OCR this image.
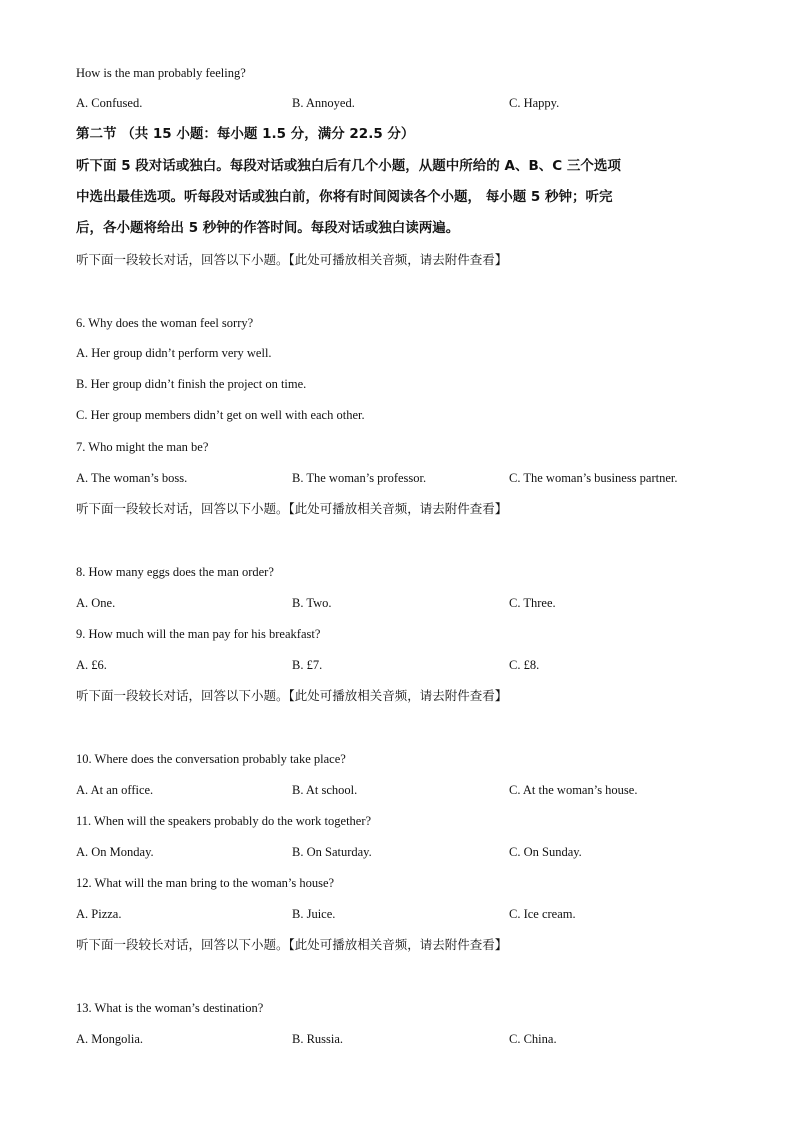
How is the man probably feeling?
A. Confused.	B. Annoyed.	C. Happy.
第二节 （共 15 小题：每小题 1.5 分，满分 22.5 分）
听下面 5 段对话或独白。每段对话或独白后有几个小题，从题中所给的 A、B、C 三个选项
中选出最佳选项。听每段对话或独白前，你将有时间阅读各个小题， 每小题 5 秒钟；听完
后，各小题将给出 5 秒钟的作答时间。每段对话或独白读两遍。
听下面一段较长对话，回答以下小题。【此处可播放相关音频，请去附件查看】
6. Why does the woman feel sorry?
A. Her group didn’t perform very well.
B. Her group didn’t finish the project on time.
C. Her group members didn’t get on well with each other.
7. Who might the man be?
A. The woman’s boss.	B. The woman’s professor.	C. The woman’s business partner.
听下面一段较长对话，回答以下小题。【此处可播放相关音频，请去附件查看】
8. How many eggs does the man order?
A. One.	B. Two.	C. Three.
9. How much will the man pay for his breakfast?
A. £6.	B. £7.	C. £8.
听下面一段较长对话，回答以下小题。【此处可播放相关音频，请去附件查看】
10. Where does the conversation probably take place?
A. At an office.	B. At school.	C. At the woman’s house.
11. When will the speakers probably do the work together?
A. On Monday.	B. On Saturday.	C. On Sunday.
12. What will the man bring to the woman’s house?
A. Pizza.	B. Juice.	C. Ice cream.
听下面一段较长对话，回答以下小题。【此处可播放相关音频，请去附件查看】
13. What is the woman’s destination?
A. Mongolia.	B. Russia.	C. China.
